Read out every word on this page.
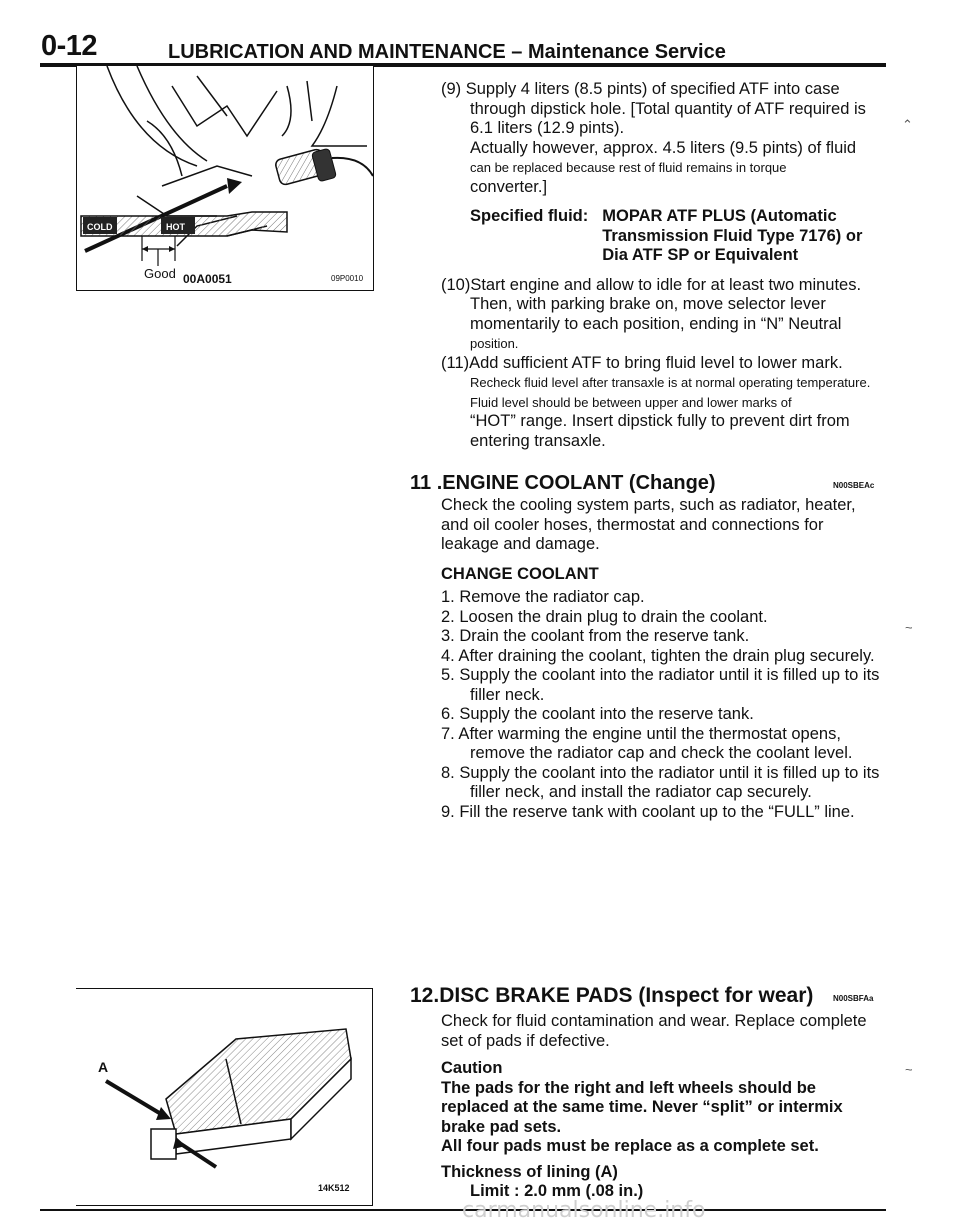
0-12	LUBRICATION AND MAINTENANCE – Maintenance Service
COLD	HOT
Good 00A0051	09P0010

(9) Supply 4 liters (8.5 pints) of specified ATF into case through dipstick hole. [Total quantity of ATF required is 6.1 liters (12.9 pints).

Actually however, approx. 4.5 liters (9.5 pints) of fluid

can be replaced because rest of fluid remains in torque

converter.]

Specified fluid: MOPAR ATF PLUS (Automatic Transmission Fluid Type 7176) or Dia ATF SP or Equivalent

(10)Start engine and allow to idle for at least two minutes.

Then, with parking brake on, move selector lever momentarily to each position, ending in “N” Neutral

position.

(11)Add sufficient ATF to bring fluid level to lower mark.

Recheck fluid level after transaxle is at normal operating temperature.

Fluid level should be between upper and lower marks of

“HOT” range. Insert dipstick fully to prevent dirt from entering transaxle.

11 .ENGINE COOLANT (Change)	N00SBEAc

Check the cooling system parts, such as radiator, heater, and oil cooler hoses, thermostat and connections for leakage and damage.

CHANGE COOLANT

1. Remove the radiator cap.

2. Loosen the drain plug to drain the coolant.

3. Drain the coolant from the reserve tank.

4. After draining the coolant, tighten the drain plug securely.

5. Supply the coolant into the radiator until it is filled up to its filler neck.

6. Supply the coolant into the reserve tank.

7. After warming the engine until the thermostat opens, remove the radiator cap and check the coolant level.

8. Supply the coolant into the radiator until it is filled up to its filler neck, and install the radiator cap securely.

9. Fill the reserve tank with coolant up to the “FULL” line.

A
14K512
12.DISC BRAKE PADS (Inspect for wear) N00SBFAa

Check for fluid contamination and wear. Replace complete set of pads if defective.

Caution

The pads for the right and left wheels should be replaced at the same time. Never “split” or intermix brake pad sets.

All four pads must be replace as a complete set.

Thickness of lining (A)

Limit : 2.0 mm (.08 in.)

⌃
~
~
carmanualsonline.info
